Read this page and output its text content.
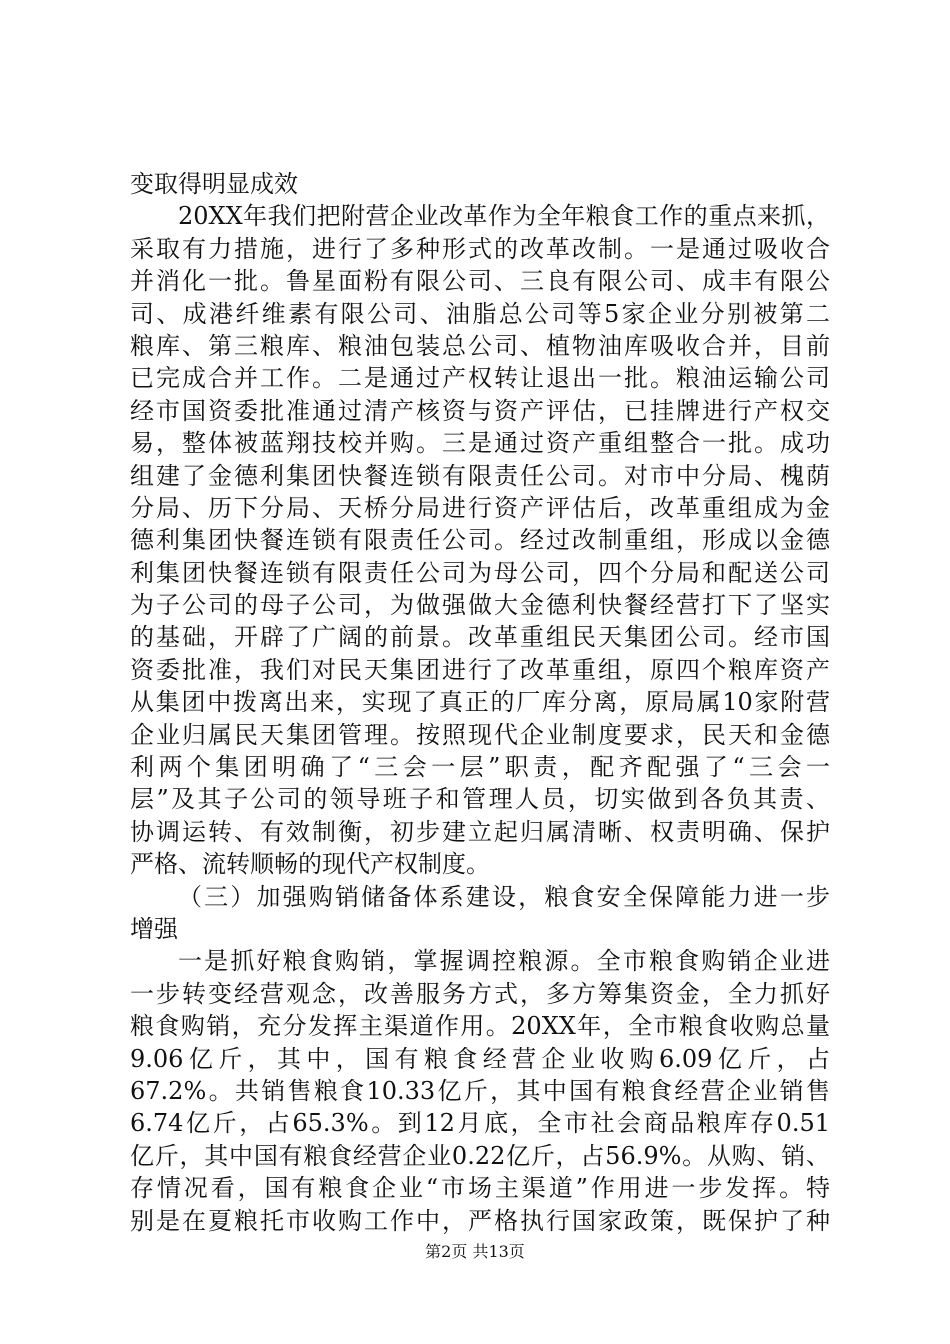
变取得明显成效
20XX年我们把附营企业改革作为全年粮食工作的重点来抓，
采取有力措施，进行了多种形式的改革改制。一是通过吸收合
并消化一批。鲁星面粉有限公司、三良有限公司、成丰有限公
司、成港纤维素有限公司、油脂总公司等5家企业分别被第二
粮库、第三粮库、粮油包装总公司、植物油库吸收合并，目前
已完成合并工作。二是通过产权转让退出一批。粮油运输公司
经市国资委批准通过清产核资与资产评估，已挂牌进行产权交
易，整体被蓝翔技校并购。三是通过资产重组整合一批。成功
组建了金德利集团快餐连锁有限责任公司。对市中分局、槐荫
分局、历下分局、天桥分局进行资产评估后，改革重组成为金
德利集团快餐连锁有限责任公司。经过改制重组，形成以金德
利集团快餐连锁有限责任公司为母公司，四个分局和配送公司
为子公司的母子公司，为做强做大金德利快餐经营打下了坚实
的基础，开辟了广阔的前景。改革重组民天集团公司。经市国
资委批准，我们对民天集团进行了改革重组，原四个粮库资产
从集团中拨离出来，实现了真正的厂库分离，原局属10家附营
企业归属民天集团管理。按照现代企业制度要求，民天和金德
利两个集团明确了“三会一层”职责，配齐配强了“三会一
层”及其子公司的领导班子和管理人员，切实做到各负其责、
协调运转、有效制衡，初步建立起归属清晰、权责明确、保护
严格、流转顺畅的现代产权制度。
（三）加强购销储备体系建设，粮食安全保障能力进一步
增强
一是抓好粮食购销，掌握调控粮源。全市粮食购销企业进
一步转变经营观念，改善服务方式，多方筹集资金，全力抓好
粮食购销，充分发挥主渠道作用。20XX年，全市粮食收购总量
9.06亿斤，其中，国有粮食经营企业收购6.09亿斤，占
67.2%。共销售粮食10.33亿斤，其中国有粮食经营企业销售
6.74亿斤，占65.3%。到12月底，全市社会商品粮库存0.51
亿斤，其中国有粮食经营企业0.22亿斤，占56.9%。从购、销、
存情况看，国有粮食企业“市场主渠道”作用进一步发挥。特
别是在夏粮托市收购工作中，严格执行国家政策，既保护了种
第2页 共13页
